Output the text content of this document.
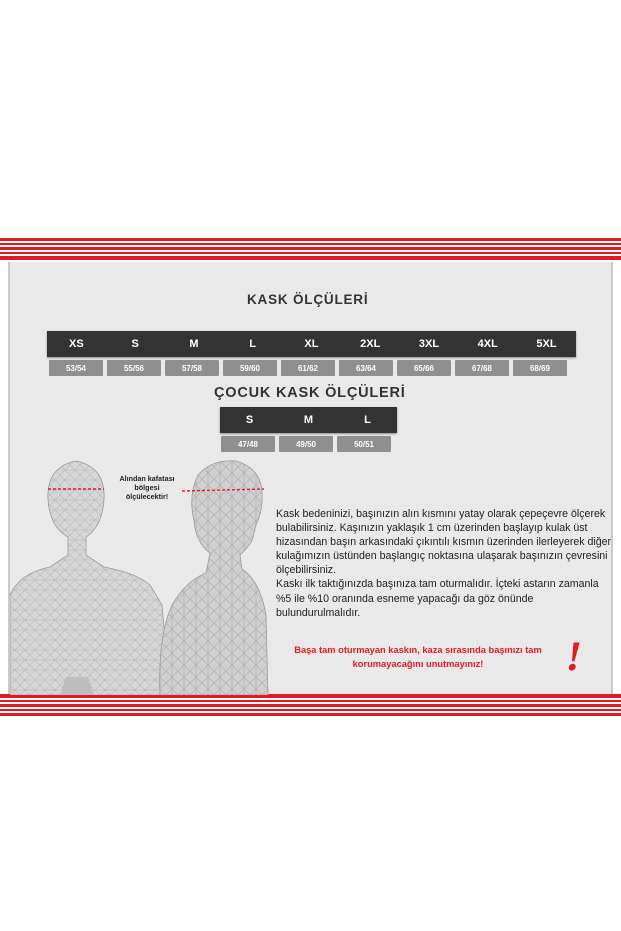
KASK ÖLÇÜLERİ
XS	S	M	L	XL	2XL	3XL	4XL	5XL
53/54	55/56	57/58	59/60	61/62	63/64	65/66	67/68	68/69
ÇOCUK KASK ÖLÇÜLERİ
S	M	L
47/48	49/50	50/51
Alından kafatası
bölgesi
ölçülecektir!

Kask bedeninizi, başınızın alın kısmını yatay olarak çepeçevre ölçerek bulabilirsiniz. Kaşınızın yaklaşık 1 cm üzerinden başlayıp kulak üst hizasından başın arkasındaki çıkıntılı kısmın üzerinden ilerleyerek diğer kulağımızın üstünden başlangıç noktasına ulaşarak başınızın çevresini ölçebilirsiniz.

Kaskı ilk taktığınızda başınıza tam oturmalıdır. İçteki astarın zamanla %5 ile %10 oranında esneme yapacağı da göz önünde bulundurulmalıdır.

Başa tam oturmayan kaskın, kaza sırasında başınızı tam
korumayacağını unutmayınız!	!
